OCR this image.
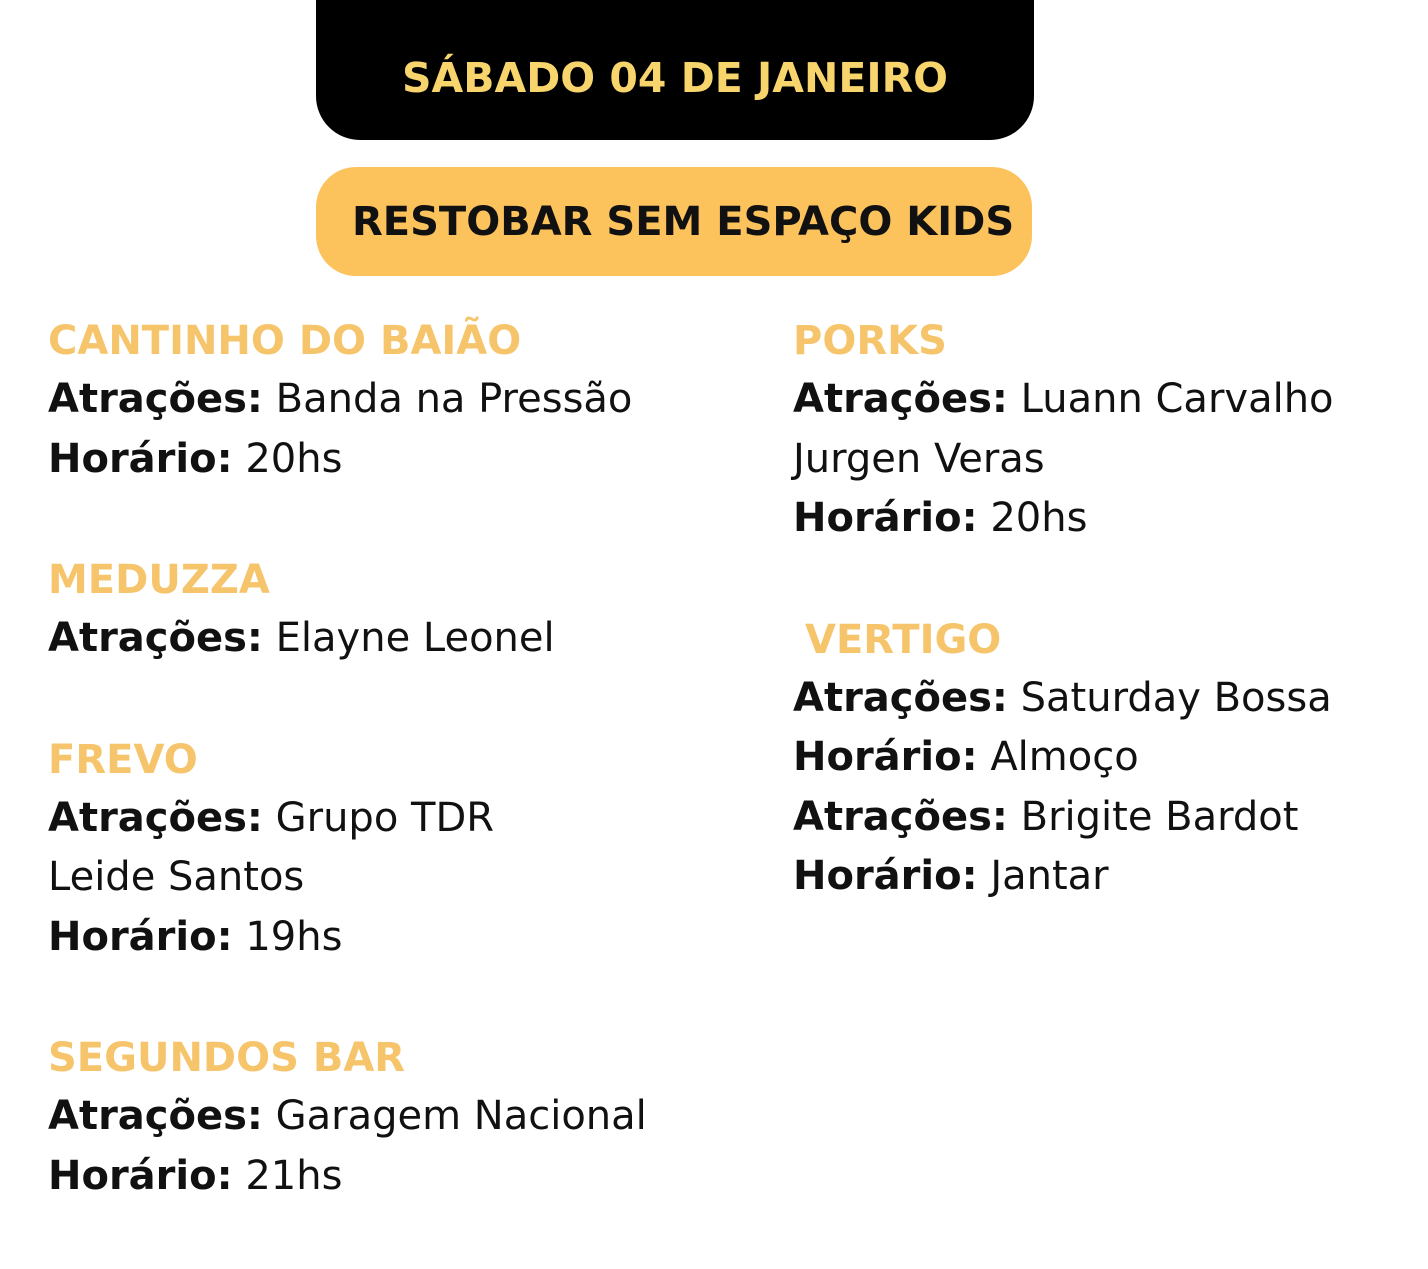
SÁBADO 04 DE JANEIRO
RESTOBAR SEM ESPAÇO KIDS
CANTINHO DO BAIÃO
Atrações: Banda na Pressão
Horário: 20hs
MEDUZZA
Atrações: Elayne Leonel
FREVO
Atrações: Grupo TDR
Leide Santos
Horário: 19hs
SEGUNDOS BAR
Atrações: Garagem Nacional
Horário: 21hs
PORKS
Atrações: Luann Carvalho
Jurgen Veras
Horário: 20hs
VERTIGO
Atrações: Saturday Bossa
Horário: Almoço
Atrações: Brigite Bardot
Horário: Jantar
